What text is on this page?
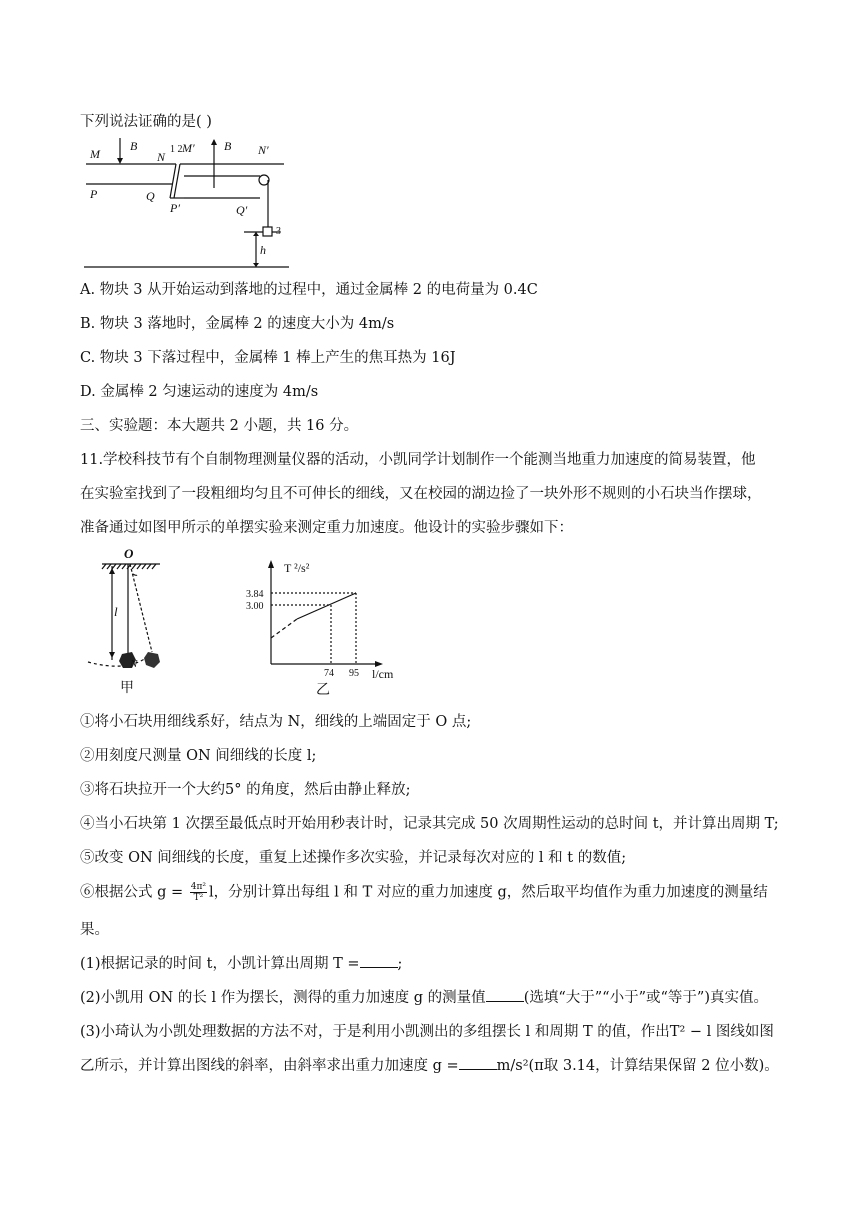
下列说法证确的是( )
M
B
N
1 2 M′ B N′
P	Q
P′	Q′
3
h
A. 物块 3 从开始运动到落地的过程中，通过金属棒 2 的电荷量为 0.4C
B. 物块 3 落地时，金属棒 2 的速度大小为 4m/s
C. 物块 3 下落过程中，金属棒 1 棒上产生的焦耳热为 16J
D. 金属棒 2 匀速运动的速度为 4m/s
三、实验题：本大题共 2 小题，共 16 分。
11.学校科技节有个自制物理测量仪器的活动，小凯同学计划制作一个能测当地重力加速度的简易装置，他
在实验室找到了一段粗细均匀且不可伸长的细线，又在校园的湖边捡了一块外形不规则的小石块当作摆球，
准备通过如图甲所示的单摆实验来测定重力加速度。他设计的实验步骤如下：
O
l
N
甲
T ²/s²
l/cm
3.84
3.00
74 95
乙
①将小石块用细线系好，结点为 N，细线的上端固定于 O 点;
②用刻度尺测量 ON 间细线的长度 l;
③将石块拉开一个大约5° 的角度，然后由静止释放;
④当小石块第 1 次摆至最低点时开始用秒表计时，记录其完成 50 次周期性运动的总时间 t，并计算出周期 T;
⑤改变 ON 间细线的长度，重复上述操作多次实验，并记录每次对应的 l 和 t 的数值;
⑥根据公式 $g = \frac{\text{4π²}}{\text{T²}}$ l，分别计算出每组 l 和 T 对应的重力加速度 g，然后取平均值作为重力加速度的测量结
果。
(1)根据记录的时间 t，小凯计算出周期 T =	;
(2)小凯用 ON 的长 l 作为摆长，测得的重力加速度 g 的测量值	(选填“大于”“小于”或“等于”)真实值。
(3)小琦认为小凯处理数据的方法不对，于是利用小凯测出的多组摆长 l 和周期 T 的值，作出T² − l 图线如图
乙所示，并计算出图线的斜率，由斜率求出重力加速度 g =	m/s²(π取 3.14，计算结果保留 2 位小数)。
